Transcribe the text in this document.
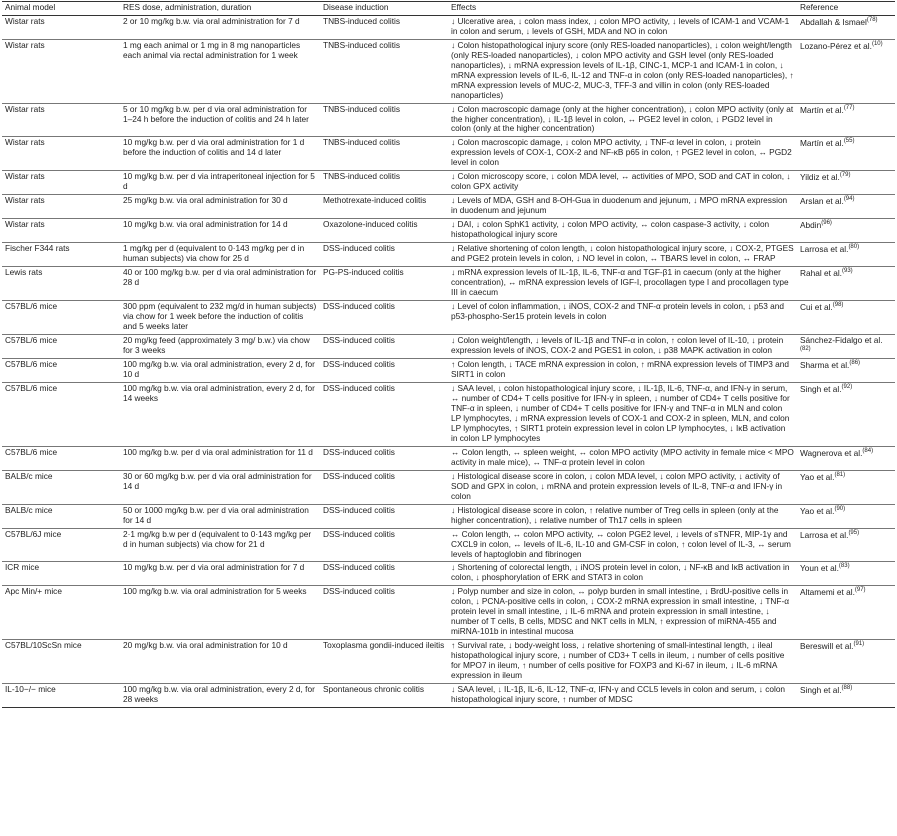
Animal model	RES dose, administration, duration	Disease induction	Effects	Reference
Wistar rats	2 or 10 mg/kg b.w. via oral administration for 7 d	TNBS-induced colitis	↓ Ulcerative area, ↓ colon mass index, ↓ colon MPO activity, ↓ levels of ICAM-1 and VCAM-1 in colon and serum, ↓ levels of GSH, MDA and NO in colon	Abdallah & Ismael$^{(78)}$
Wistar rats	1 mg each animal or 1 mg in 8 mg nanoparticles each animal via rectal administration for 1 week	TNBS-induced colitis	↓ Colon histopathological injury score (only RES-loaded nanoparticles), ↓ colon weight/length (only RES-loaded nanoparticles), ↓ colon MPO activity and GSH level (only RES-loaded nanoparticles), ↓ mRNA expression levels of IL-1β, CINC-1, MCP-1 and ICAM-1 in colon, ↓ mRNA expression levels of IL-6, IL-12 and TNF-α in colon (only RES-loaded nanoparticles), ↑ mRNA expression levels of MUC-2, MUC-3, TFF-3 and villin in colon (only RES-loaded nanoparticles)	Lozano-Pérez et al.$^{(10)}$
Wistar rats	5 or 10 mg/kg b.w. per d via oral administration for 1–24 h before the induction of colitis and 24 h later	TNBS-induced colitis	↓ Colon macroscopic damage (only at the higher concentration), ↓ colon MPO activity (only at the higher concentration), ↓ IL-1β level in colon, ↔ PGE2 level in colon, ↓ PGD2 level in colon (only at the higher concentration)	Martín et al.$^{(77)}$
Wistar rats	10 mg/kg b.w. per d via oral administration for 1 d before the induction of colitis and 14 d later	TNBS-induced colitis	↓ Colon macroscopic damage, ↓ colon MPO activity, ↓ TNF-α level in colon, ↓ protein expression levels of COX-1, COX-2 and NF-κB p65 in colon, ↑ PGE2 level in colon, ↔ PGD2 level in colon	Martín et al.$^{(55)}$
Wistar rats	10 mg/kg b.w. per d via intraperitoneal injection for 5 d	TNBS-induced colitis	↓ Colon microscopy score, ↓ colon MDA level, ↔ activities of MPO, SOD and CAT in colon, ↓ colon GPX activity	Yildiz et al.$^{(79)}$
Wistar rats	25 mg/kg b.w. via oral administration for 30 d	Methotrexate-induced colitis	↓ Levels of MDA, GSH and 8-OH-Gua in duodenum and jejunum, ↓ MPO mRNA expression in duodenum and jejunum	Arslan et al.$^{(94)}$
Wistar rats	10 mg/kg b.w. via oral administration for 14 d	Oxazolone-induced colitis	↓ DAI, ↓ colon SphK1 activity, ↓ colon MPO activity, ↔ colon caspase-3 activity, ↓ colon histopathological injury score	Abdin$^{(96)}$
Fischer F344 rats	1 mg/kg per d (equivalent to 0·143 mg/kg per d in human subjects) via chow for 25 d	DSS-induced colitis	↓ Relative shortening of colon length, ↓ colon histopathological injury score, ↓ COX-2, PTGES and PGE2 protein levels in colon, ↓ NO level in colon, ↔ TBARS level in colon, ↔ FRAP	Larrosa et al.$^{(80)}$
Lewis rats	40 or 100 mg/kg b.w. per d via oral administration for 28 d	PG-PS-induced colitis	↓ mRNA expression levels of IL-1β, IL-6, TNF-α and TGF-β1 in caecum (only at the higher concentration), ↔ mRNA expression levels of IGF-I, procollagen type I and procollagen type III in caecum	Rahal et al.$^{(93)}$
C57BL/6 mice	300 ppm (equivalent to 232 mg/d in human subjects) via chow for 1 week before the induction of colitis and 5 weeks later	DSS-induced colitis	↓ Level of colon inflammation, ↓ iNOS, COX-2 and TNF-α protein levels in colon, ↓ p53 and p53-phospho-Ser15 protein levels in colon	Cui et al.$^{(98)}$
C57BL/6 mice	20 mg/kg feed (approximately 3 mg/ b.w.) via chow for 3 weeks	DSS-induced colitis	↓ Colon weight/length, ↓ levels of IL-1β and TNF-α in colon, ↑ colon level of IL-10, ↓ protein expression levels of iNOS, COX-2 and PGES1 in colon, ↓ p38 MAPK activation in colon	Sánchez-Fidalgo et al.$^{(82)}$
C57BL/6 mice	100 mg/kg b.w. via oral administration, every 2 d, for 10 d	DSS-induced colitis	↑ Colon length, ↓ TACE mRNA expression in colon, ↑ mRNA expression levels of TIMP3 and SIRT1 in colon	Sharma et al.$^{(86)}$
C57BL/6 mice	100 mg/kg b.w. via oral administration, every 2 d, for 14 weeks	DSS-induced colitis	↓ SAA level, ↓ colon histopathological injury score, ↓ IL-1β, IL-6, TNF-α, and IFN-γ in serum, ↔ number of CD4+ T cells positive for IFN-γ in spleen, ↓ number of CD4+ T cells positive for TNF-α in spleen, ↓ number of CD4+ T cells positive for IFN-γ and TNF-α in MLN and colon LP lymphocytes, ↓ mRNA expression levels of COX-1 and COX-2 in spleen, MLN, and colon LP lymphocytes, ↑ SIRT1 protein expression level in colon LP lymphocytes, ↓ IκB activation in colon LP lymphocytes	Singh et al.$^{(92)}$
C57BL/6 mice	100 mg/kg b.w. per d via oral administration for 11 d	DSS-induced colitis	↔ Colon length, ↔ spleen weight, ↔ colon MPO activity (MPO activity in female mice < MPO activity in male mice), ↔ TNF-α protein level in colon	Wagnerova et al.$^{(84)}$
BALB/c mice	30 or 60 mg/kg b.w. per d via oral administration for 14 d	DSS-induced colitis	↓ Histological disease score in colon, ↓ colon MDA level, ↓ colon MPO activity, ↓ activity of SOD and GPX in colon, ↓ mRNA and protein expression levels of IL-8, TNF-α and IFN-γ in colon	Yao et al.$^{(81)}$
BALB/c mice	50 or 1000 mg/kg b.w. per d via oral administration for 14 d	DSS-induced colitis	↓ Histological disease score in colon, ↑ relative number of Treg cells in spleen (only at the higher concentration), ↓ relative number of Th17 cells in spleen	Yao et al.$^{(90)}$
C57BL/6J mice	2·1 mg/kg b.w per d (equivalent to 0·143 mg/kg per d in human subjects) via chow for 21 d	DSS-induced colitis	↔ Colon length, ↔ colon MPO activity, ↔ colon PGE2 level, ↓ levels of sTNFR, MIP-1γ and CXCL9 in colon, ↔ levels of IL-6, IL-10 and GM-CSF in colon, ↑ colon level of IL-3, ↔ serum levels of haptoglobin and fibrinogen	Larrosa et al.$^{(95)}$
ICR mice	10 mg/kg b.w. per d via oral administration for 7 d	DSS-induced colitis	↓ Shortening of colorectal length, ↓ iNOS protein level in colon, ↓ NF-κB and IκB activation in colon, ↓ phosphorylation of ERK and STAT3 in colon	Youn et al.$^{(83)}$
Apc Min/+ mice	100 mg/kg b.w. via oral administration for 5 weeks	DSS-induced colitis	↓ Polyp number and size in colon, ↔ polyp burden in small intestine, ↓ BrdU-positive cells in colon, ↓ PCNA-positive cells in colon, ↓ COX-2 mRNA expression in small intestine, ↓ TNF-α protein level in small intestine, ↓ IL-6 mRNA and protein expression in small intestine, ↓ number of T cells, B cells, MDSC and NKT cells in MLN, ↑ expression of miRNA-455 and miRNA-101b in intestinal mucosa	Altamemi et al.$^{(97)}$
C57BL/10ScSn mice	20 mg/kg b.w. via oral administration for 10 d	Toxoplasma gondii-induced ileitis	↑ Survival rate, ↓ body-weight loss, ↓ relative shortening of small-intestinal length, ↓ ileal histopathological injury score, ↓ number of CD3+ T cells in ileum, ↓ number of cells positive for MPO7 in ileum, ↑ number of cells positive for FOXP3 and Ki-67 in ileum, ↓ IL-6 mRNA expression in ileum	Bereswill et al.$^{(91)}$
IL-10−/− mice	100 mg/kg b.w. via oral administration, every 2 d, for 28 weeks	Spontaneous chronic colitis	↓ SAA level, ↓ IL-1β, IL-6, IL-12, TNF-α, IFN-γ and CCL5 levels in colon and serum, ↓ colon histopathological injury score, ↑ number of MDSC	Singh et al.$^{(88)}$
